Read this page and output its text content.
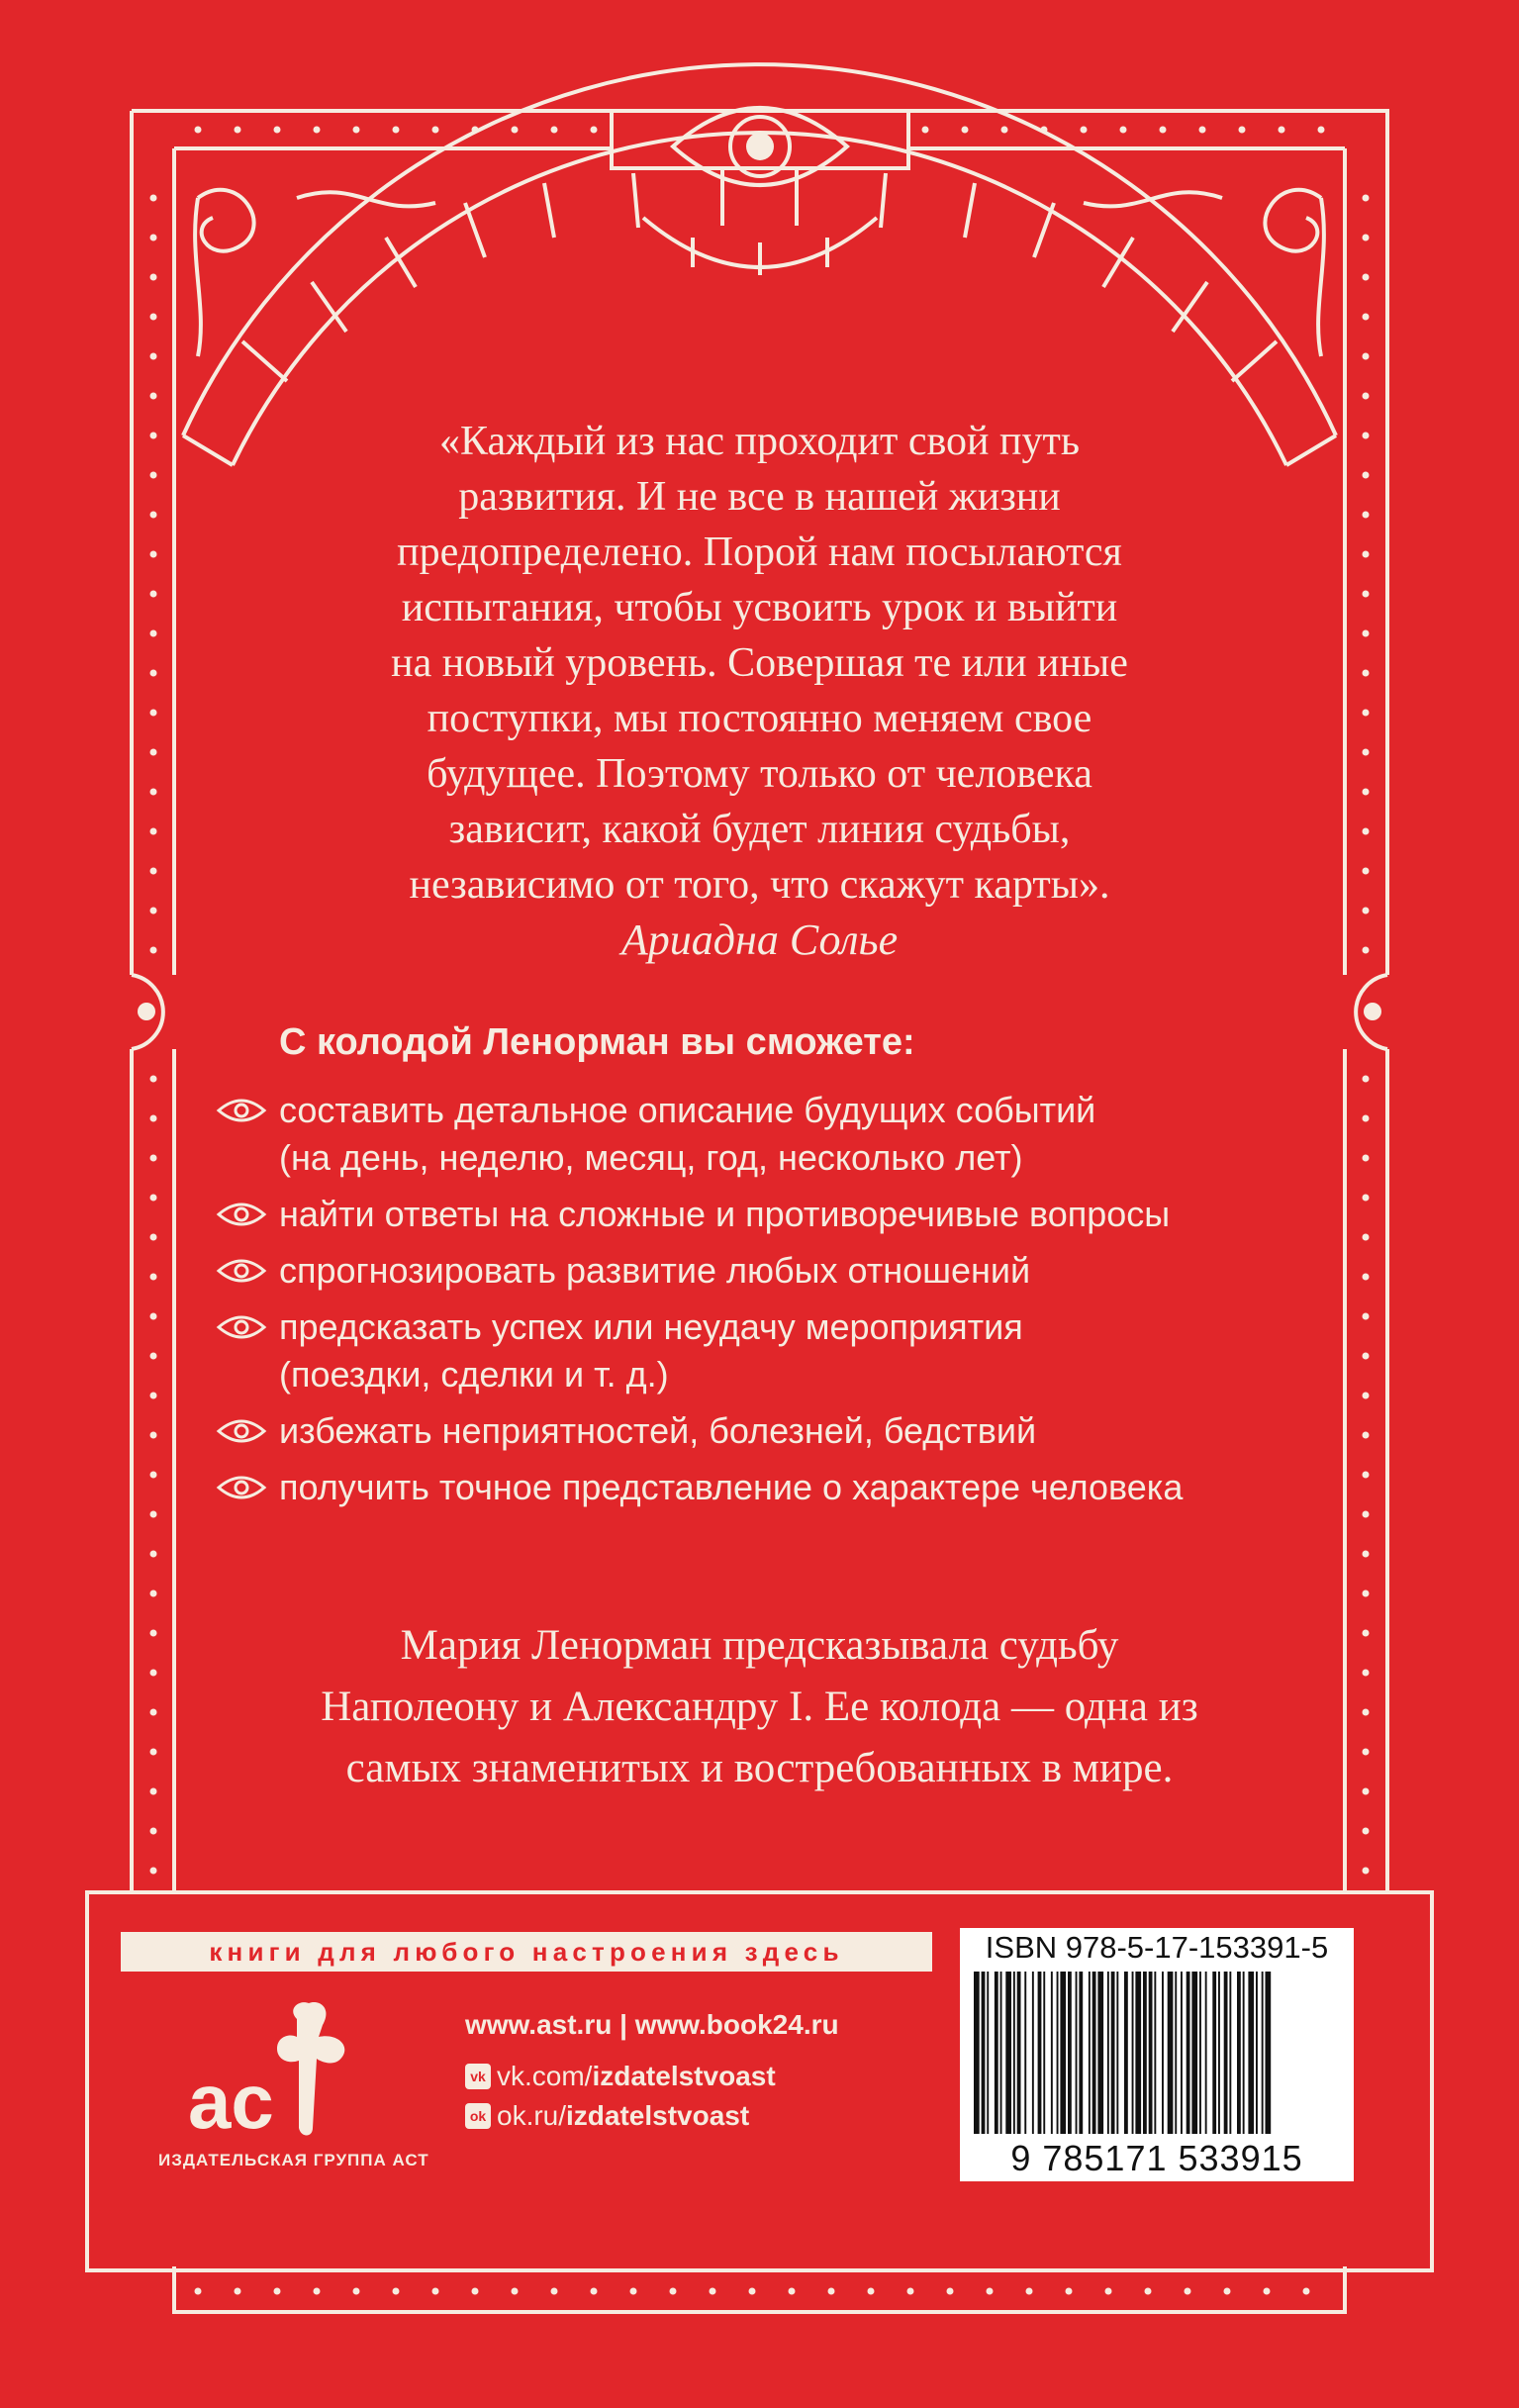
«Каждый из нас проходит свой путь
развития. И не все в нашей жизни
предопределено. Порой нам посылаются
испытания, чтобы усвоить урок и выйти
на новый уровень. Совершая те или иные
поступки, мы постоянно меняем свое
будущее. Поэтому только от человека
зависит, какой будет линия судьбы,
независимо от того, что скажут карты».
Ариадна Солье
С колодой Ленорман вы сможете:
составить детальное описание будущих событий
(на день, неделю, месяц, год, несколько лет)
найти ответы на сложные и противоречивые вопросы
спрогнозировать развитие любых отношений
предсказать успех или неудачу мероприятия
(поездки, сделки и т. д.)
избежать неприятностей, болезней, бедствий
получить точное представление о характере человека
Мария Ленорман предсказывала судьбу
Наполеону и Александру I. Ее колода — одна из
самых знаменитых и востребованных в мире.
книги для любого настроения здесь
ac
ИЗДАТЕЛЬСКАЯ ГРУППА АСТ
www.ast.ru | www.book24.ru
vk vk.com/ izdatelstvoast
ok ok.ru/ izdatelstvoast
ISBN 978-5-17-153391-5
9 785171 533915
